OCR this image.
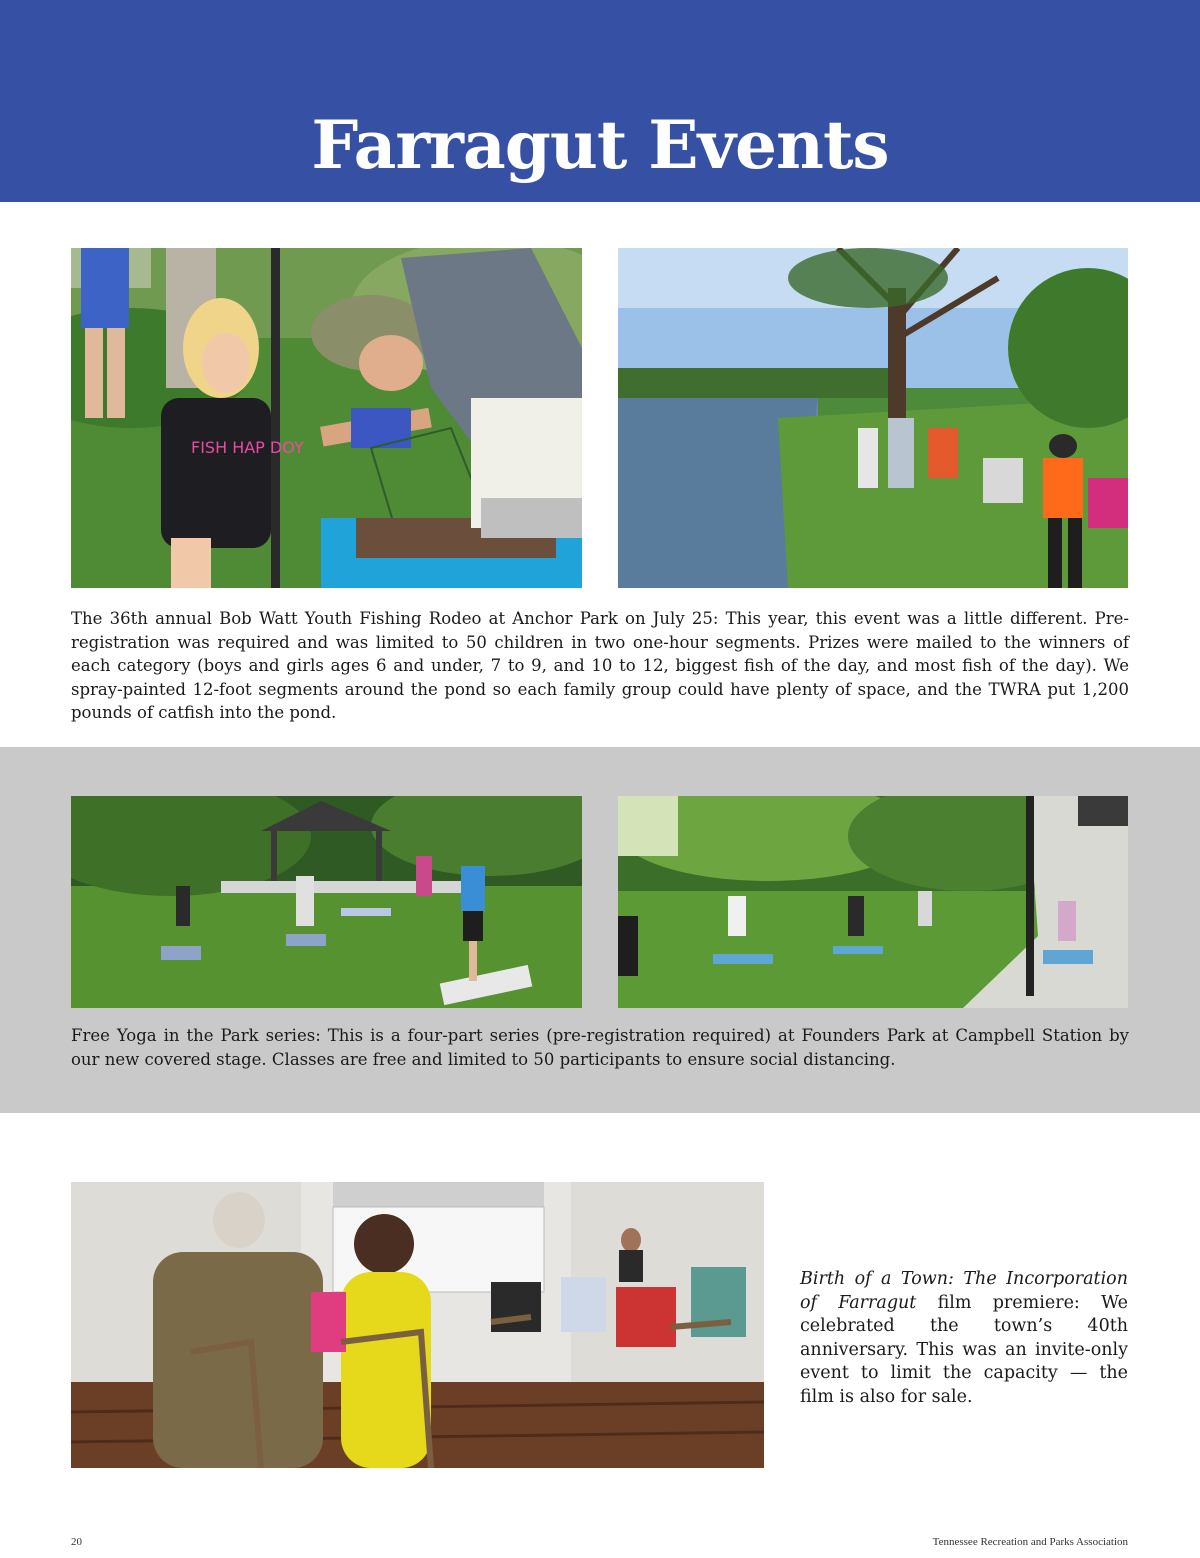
Farragut Events
FISH HAP DOY
The 36th annual Bob Watt Youth Fishing Rodeo at Anchor Park on July 25: This year, this event was a little different. Pre-registration was required and was limited to 50 children in two one-hour segments. Prizes were mailed to the winners of each category (boys and girls ages 6 and under, 7 to 9, and 10 to 12, biggest fish of the day, and most fish of the day). We spray-painted 12-foot segments around the pond so each family group could have plenty of space, and the TWRA put 1,200 pounds of catfish into the pond.
Free Yoga in the Park series: This is a four-part series (pre-registration required) at Founders Park at Campbell Station by our new covered stage. Classes are free and limited to 50 participants to ensure social distancing.
Birth of a Town: The Incorporation of Farragut film premiere: We celebrated the town’s 40th anniversary. This was an invite-only event to limit the capacity — the film is also for sale.
20	Tennessee Recreation and Parks Association
